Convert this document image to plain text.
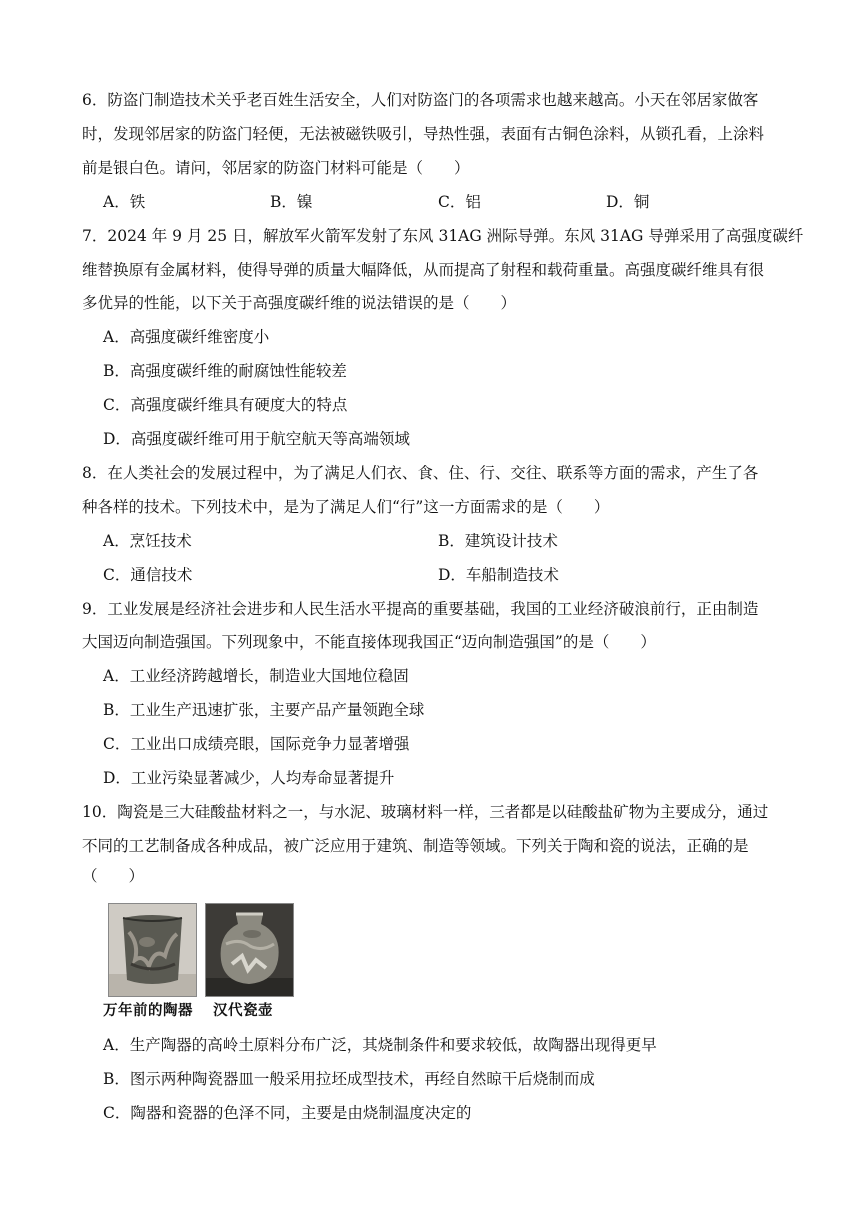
6．防盗门制造技术关乎老百姓生活安全，人们对防盗门的各项需求也越来越高。小天在邻居家做客
时，发现邻居家的防盗门轻便，无法被磁铁吸引，导热性强，表面有古铜色涂料，从锁孔看，上涂料
前是银白色。请问，邻居家的防盗门材料可能是（　　）
A．铁	B．镍	C．铝	D．铜
7．2024 年 9 月 25 日，解放军火箭军发射了东风 31AG 洲际导弹。东风 31AG 导弹采用了高强度碳纤
维替换原有金属材料，使得导弹的质量大幅降低，从而提高了射程和载荷重量。高强度碳纤维具有很
多优异的性能，以下关于高强度碳纤维的说法错误的是（　　）
A．高强度碳纤维密度小
B．高强度碳纤维的耐腐蚀性能较差
C．高强度碳纤维具有硬度大的特点
D．高强度碳纤维可用于航空航天等高端领域
8．在人类社会的发展过程中，为了满足人们衣、食、住、行、交往、联系等方面的需求，产生了各
种各样的技术。下列技术中，是为了满足人们“行”这一方面需求的是（　　）
A．烹饪技术	B．建筑设计技术
C．通信技术	D．车船制造技术
9．工业发展是经济社会进步和人民生活水平提高的重要基础，我国的工业经济破浪前行，正由制造
大国迈向制造强国。下列现象中，不能直接体现我国正“迈向制造强国”的是（　　）
A．工业经济跨越增长，制造业大国地位稳固
B．工业生产迅速扩张，主要产品产量领跑全球
C．工业出口成绩亮眼，国际竞争力显著增强
D．工业污染显著减少，人均寿命显著提升
10．陶瓷是三大硅酸盐材料之一，与水泥、玻璃材料一样，三者都是以硅酸盐矿物为主要成分，通过
不同的工艺制备成各种成品，被广泛应用于建筑、制造等领域。下列关于陶和瓷的说法，正确的是
（　　）
万年前的陶器 汉代瓷壶
A．生产陶器的高岭土原料分布广泛，其烧制条件和要求较低，故陶器出现得更早
B．图示两种陶瓷器皿一般采用拉坯成型技术，再经自然晾干后烧制而成
C．陶器和瓷器的色泽不同，主要是由烧制温度决定的
